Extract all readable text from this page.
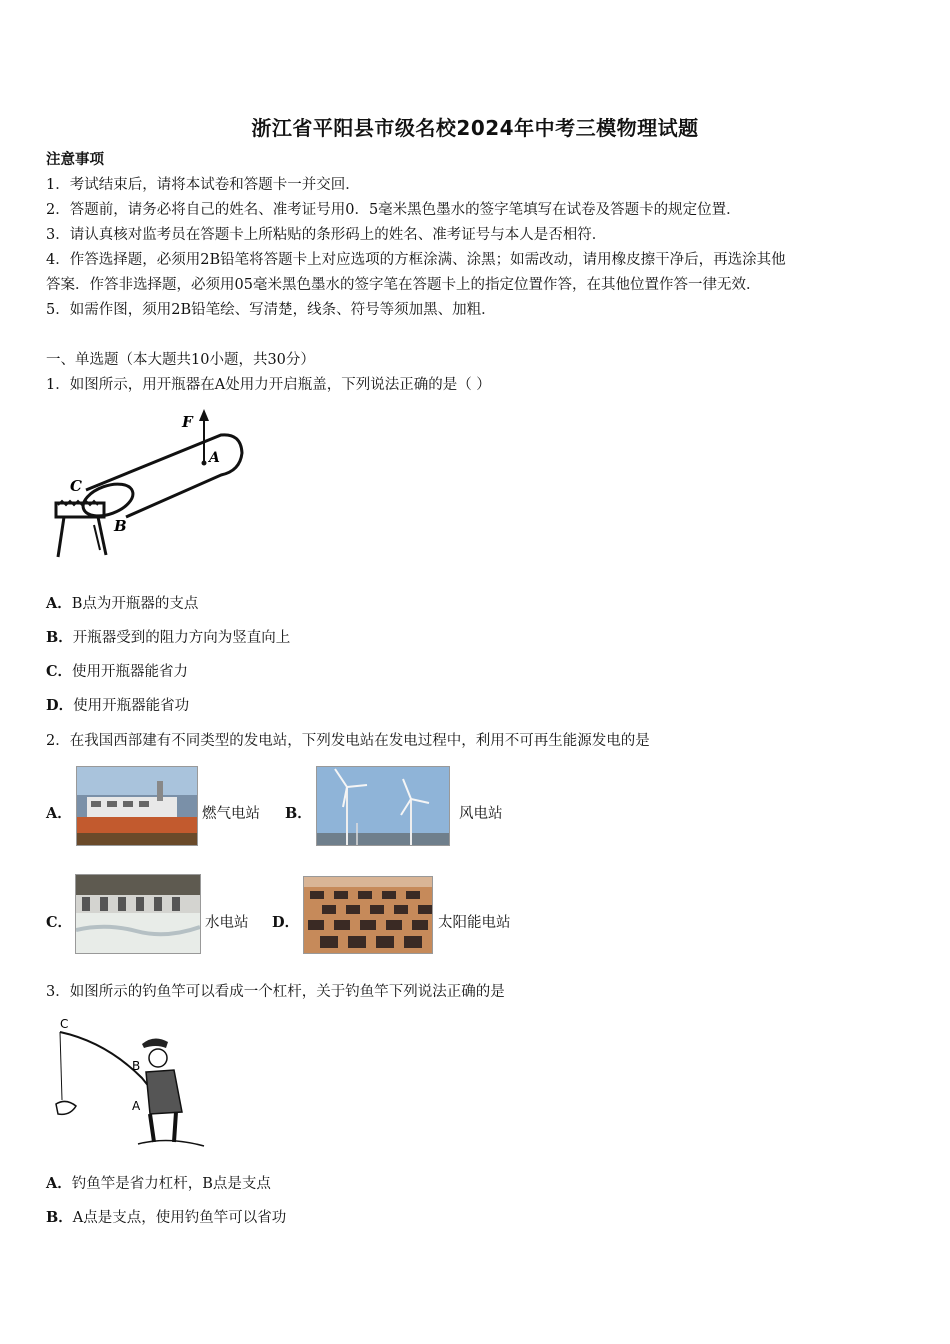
浙江省平阳县市级名校2024年中考三模物理试题
注意事项
1．考试结束后，请将本试卷和答题卡一并交回．
2．答题前，请务必将自己的姓名、准考证号用0．5毫米黑色墨水的签字笔填写在试卷及答题卡的规定位置．
3．请认真核对监考员在答题卡上所粘贴的条形码上的姓名、准考证号与本人是否相符．
4．作答选择题，必须用2B铅笔将答题卡上对应选项的方框涂满、涂黑；如需改动，请用橡皮擦干净后，再选涂其他
答案．作答非选择题，必须用05毫米黑色墨水的签字笔在答题卡上的指定位置作答，在其他位置作答一律无效．
5．如需作图，须用2B铅笔绘、写清楚，线条、符号等须加黑、加粗．
一、单选题（本大题共10小题，共30分）
1．如图所示，用开瓶器在A处用力开启瓶盖，下列说法正确的是（ ）
F
A
C
B
A．B点为开瓶器的支点
B．开瓶器受到的阻力方向为竖直向上
C．使用开瓶器能省力
D．使用开瓶器能省功
2．在我国西部建有不同类型的发电站，下列发电站在发电过程中，利用不可再生能源发电的是
A．	燃气电站 B．	风电站
C．	水电站 D．	太阳能电站
3．如图所示的钓鱼竿可以看成一个杠杆，关于钓鱼竿下列说法正确的是
C
B
A
A．钓鱼竿是省力杠杆，B点是支点
B．A点是支点，使用钓鱼竿可以省功
